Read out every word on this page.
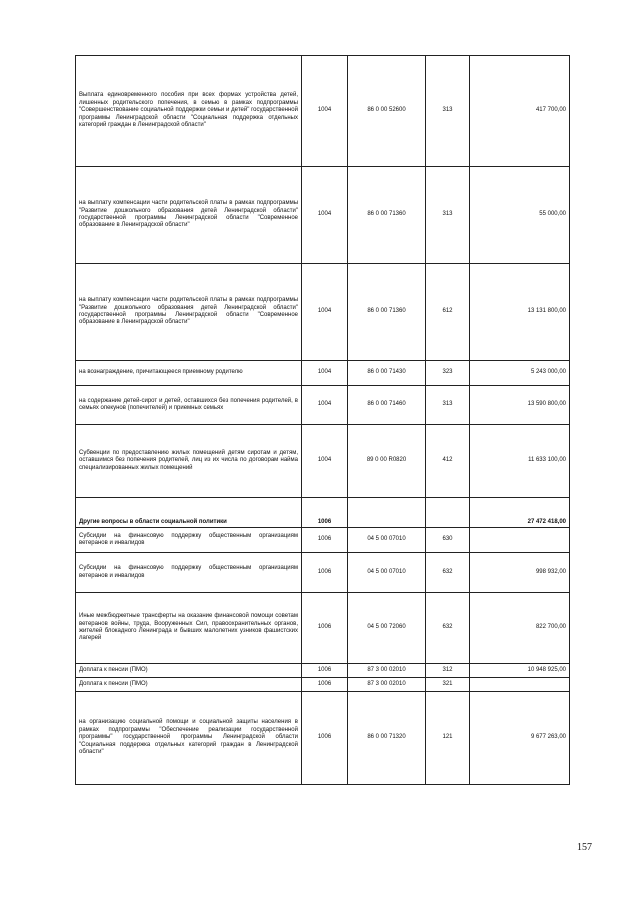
Выплата единовременного пособия при всех формах устройства детей, лишенных родительского попечения, в семью в рамках подпрограммы "Совершенствование социальной поддержки семьи и детей" государственной программы Ленинградской области "Социальная поддержка отдельных категорий граждан в Ленинградской области"	1004	86 0 00 52600	313	417 700,00
на выплату компенсации части родительской платы в рамках подпрограммы "Развитие дошкольного образования детей Ленинградской области" государственной программы Ленинградской области "Современное образование в Ленинградской области"	1004	86 0 00 71360	313	55 000,00
на выплату компенсации части родительской платы в рамках подпрограммы "Развитие дошкольного образования детей Ленинградской области" государственной программы Ленинградской области "Современное образование в Ленинградской области"	1004	86 0 00 71360	612	13 131 800,00
на вознаграждение, причитающееся приемному родителю	1004	86 0 00 71430	323	5 243 000,00
на содержание детей-сирот и детей, оставшихся без попечения родителей, в семьях опекунов (попечителей) и приемных семьях	1004	86 0 00 71460	313	13 590 800,00
Субвенции по предоставлению жилых помещений детям сиротам и детям, оставшимся без попечения родителей, лиц из их числа по договорам найма специализированных жилых помещений	1004	89 0 00 R0820	412	11 633 100,00
Другие вопросы в области социальной политики	1006			27 472 418,00
Субсидии на финансовую поддержку общественным организациям ветеранов и инвалидов	1006	04 5 00 07010	630	
Субсидии на финансовую поддержку общественным организациям ветеранов и инвалидов	1006	04 5 00 07010	632	998 932,00
Иные межбюджетные трансферты на оказание финансовой помощи советам ветеранов войны, труда, Вооруженных Сил, правоохранительных органов, жителей блокадного Ленинграда и бывших малолетних узников фашистских лагерей	1006	04 5 00 72060	632	822 700,00
Доплата к пенсии (ПМО)	1006	87 3 00 02010	312	10 948 925,00
Доплата к пенсии (ПМО)	1006	87 3 00 02010	321	
на организацию социальной помощи и социальной защиты населения в рамках подпрограммы "Обеспечение реализации государственной программы" государственной программы Ленинградской области "Социальная поддержка отдельных категорий граждан в Ленинградской области"	1006	86 0 00 71320	121	9 677 263,00
157
